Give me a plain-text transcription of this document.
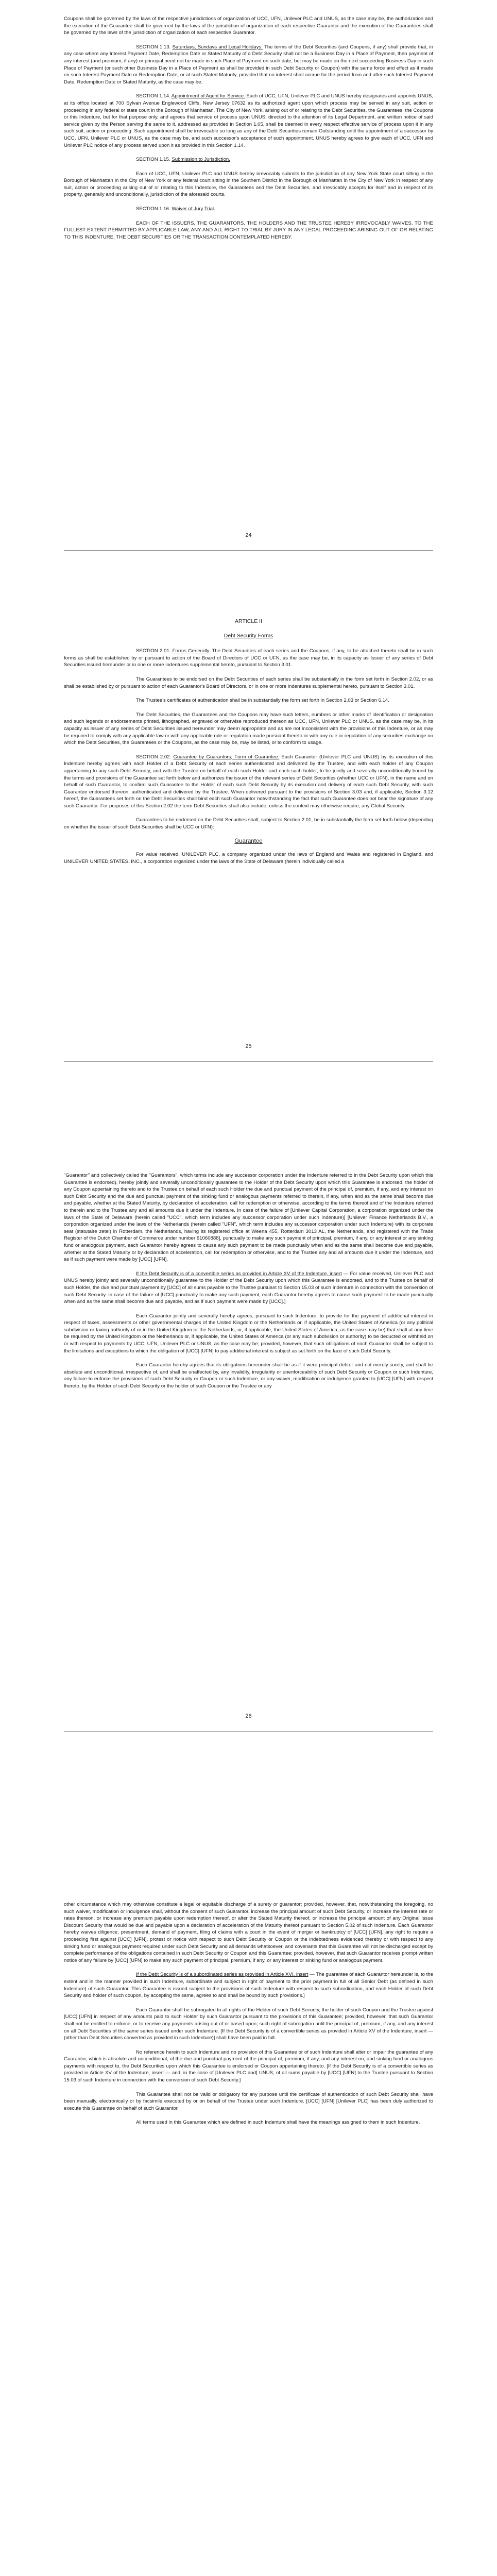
Coupons shall be governed by the laws of the respective jurisdictions of organization of UCC, UFN, Unilever PLC and UNUS, as the case may be, the authorization and the execution of the Guarantee shall be governed by the laws of the jurisdiction of organization of each respective Guarantor and the execution of the Guarantees shall be governed by the laws of the jurisdiction of organization of each respective Guarantor.

SECTION 1.13. Saturdays, Sundays and Legal Holidays. The terms of the Debt Securities (and Coupons, if any) shall provide that, in any case where any Interest Payment Date, Redemption Date or Stated Maturity of a Debt Security shall not be a Business Day in a Place of Payment, then payment of any interest (and premium, if any) or principal need not be made in such Place of Payment on such date, but may be made on the next succeeding Business Day in such Place of Payment (or such other Business Day in a Place of Payment as shall be provided in such Debt Security or Coupon) with the same force and effect as if made on such Interest Payment Date or Redemption Date, or at such Stated Maturity, provided that no interest shall accrue for the period from and after such Interest Payment Date, Redemption Date or Stated Maturity, as the case may be.

SECTION 1.14. Appointment of Agent for Service. Each of UCC, UFN, Unilever PLC and UNUS hereby designates and appoints UNUS, at its office located at 700 Sylvan Avenue Englewood Cliffs, New Jersey 07632 as its authorized agent upon which process may be served in any suit, action or proceeding in any federal or state court in the Borough of Manhattan, The City of New York, arising out of or relating to the Debt Securities, the Guarantees, the Coupons or this Indenture, but for that purpose only, and agrees that service of process upon UNUS, directed to the attention of its Legal Department, and written notice of said service given by the Person serving the same to it, addressed as provided in Section 1.05, shall be deemed in every respect effective service of process upon it in any such suit, action or proceeding. Such appointment shall be irrevocable so long as any of the Debt Securities remain Outstanding until the appointment of a successor by UCC, UFN, Unilever PLC or UNUS, as the case may be, and such successor's acceptance of such appointment. UNUS hereby agrees to give each of UCC, UFN and Unilever PLC notice of any process served upon it as provided in this Section 1.14.

SECTION 1.15. Submission to Jurisdiction.

Each of UCC, UFN, Unilever PLC and UNUS hereby irrevocably submits to the jurisdiction of any New York State court sitting in the Borough of Manhattan in the City of New York or any federal court sitting in the Southern District in the Borough of Manhattan in the City of New York in respect of any suit, action or proceeding arising out of or relating to this Indenture, the Guarantees and the Debt Securities, and irrevocably accepts for itself and in respect of its property, generally and unconditionally, jurisdiction of the aforesaid courts.

SECTION 1.16. Waiver of Jury Trial.

EACH OF THE ISSUERS, THE GUARANTORS, THE HOLDERS AND THE TRUSTEE HEREBY IRREVOCABLY WAIVES, TO THE FULLEST EXTENT PERMITTED BY APPLICABLE LAW, ANY AND ALL RIGHT TO TRIAL BY JURY IN ANY LEGAL PROCEEDING ARISING OUT OF OR RELATING TO THIS INDENTURE, THE DEBT SECURITIES OR THE TRANSACTION CONTEMPLATED HEREBY.

24

ARTICLE II

Debt Security Forms

SECTION 2.01. Forms Generally. The Debt Securities of each series and the Coupons, if any, to be attached thereto shall be in such forms as shall be established by or pursuant to action of the Board of Directors of UCC or UFN, as the case may be, in its capacity as Issuer of any series of Debt Securities issued hereunder or in one or more indentures supplemental hereto, pursuant to Section 3.01.

The Guarantees to be endorsed on the Debt Securities of each series shall be substantially in the form set forth in Section 2.02, or as shall be established by or pursuant to action of each Guarantor's Board of Directors, or in one or more indentures supplemental hereto, pursuant to Section 3.01.

The Trustee's certificates of authentication shall be in substantially the form set forth in Section 2.03 or Section 6.14.

The Debt Securities, the Guarantees and the Coupons may have such letters, numbers or other marks of identification or designation and such legends or endorsements printed, lithographed, engraved or otherwise reproduced thereon as UCC, UFN, Unilever PLC or UNUS, as the case may be, in its capacity as Issuer of any series of Debt Securities issued hereunder may deem appropriate and as are not inconsistent with the provisions of this Indenture, or as may be required to comply with any applicable law or with any applicable rule or regulation made pursuant thereto or with any rule or regulation of any securities exchange on which the Debt Securities, the Guarantees or the Coupons, as the case may be, may be listed, or to conform to usage.

SECTION 2.02. Guarantee by Guarantors; Form of Guarantee. Each Guarantor (Unilever PLC and UNUS) by its execution of this Indenture hereby agrees with each Holder of a Debt Security of each series authenticated and delivered by the Trustee, and with each holder of any Coupon appertaining to any such Debt Security, and with the Trustee on behalf of each such Holder and each such holder, to be jointly and severally unconditionally bound by the terms and provisions of the Guarantee set forth below and authorizes the issuer of the relevant series of Debt Securities (whether UCC or UFN), in the name and on behalf of such Guarantor, to confirm such Guarantee to the Holder of each such Debt Security by its execution and delivery of each such Debt Security, with such Guarantee endorsed thereon, authenticated and delivered by the Trustee. When delivered pursuant to the provisions of Section 3.03 and, if applicable, Section 3.12 hereof, the Guarantees set forth on the Debt Securities shall bind each such Guarantor notwithstanding the fact that such Guarantee does not bear the signature of any such Guarantor. For purposes of this Section 2.02 the term Debt Securities shall also include, unless the context may otherwise require, any Global Security.

Guarantees to be endorsed on the Debt Securities shall, subject to Section 2.01, be in substantially the form set forth below (depending on whether the issuer of such Debt Securities shall be UCC or UFN):

Guarantee

For value received, UNILEVER PLC, a company organized under the laws of England and Wales and registered in England, and UNILEVER UNITED STATES, INC., a corporation organized under the laws of the State of Delaware (herein individually called a

25

"Guarantor" and collectively called the "Guarantors", which terms include any successor corporation under the Indenture referred to in the Debt Security upon which this Guarantee is endorsed), hereby jointly and severally unconditionally guarantee to the Holder of the Debt Security upon which this Guarantee is endorsed, the holder of any Coupon appertaining thereto and to the Trustee on behalf of each such Holder the due and punctual payment of the principal of, premium, if any, and any interest on such Debt Security and the due and punctual payment of the sinking fund or analogous payments referred to therein, if any, when and as the same shall become due and payable, whether at the Stated Maturity, by declaration of acceleration, call for redemption or otherwise, according to the terms thereof and of the Indenture referred to therein and to the Trustee any and all amounts due it under the Indenture. In case of the failure of [Unilever Capital Corporation, a corporation organized under the laws of the State of Delaware (herein called "UCC", which term includes any successor corporation under such Indenture)] [Unilever Finance Netherlands B.V., a corporation organized under the laws of the Netherlands (herein called "UFN", which term includes any successor corporation under such Indenture) with its corporate seat (statutaire zetel) in Rotterdam, the Netherlands, having its registered office at Weena 455, Rotterdam 3013 AL, the Netherlands, and registered with the Trade Register of the Dutch Chamber of Commerce under number 61060888], punctually to make any such payment of principal, premium, if any, or any interest or any sinking fund or analogous payment, each Guarantor hereby agrees to cause any such payment to be made punctually when and as the same shall become due and payable, whether at the Stated Maturity or by declaration of acceleration, call for redemption or otherwise, and to the Trustee any and all amounts due it under the Indenture, and as if such payment were made by [UCC] [UFN].

If the Debt Security is of a convertible series as provided in Article XV of the Indenture, insert — For value received, Unilever PLC and UNUS hereby jointly and severally unconditionally guarantee to the Holder of the Debt Security upon which this Guarantee is endorsed, and to the Trustee on behalf of such Holder, the due and punctual payment by [UCC] of all sums payable to the Trustee pursuant to Section 15.03 of such Indenture in connection with the conversion of such Debt Security. In case of the failure of [UCC] punctually to make any such payment, each Guarantor hereby agrees to cause such payment to be made punctually when and as the same shall become due and payable, and as if such payment were made by [UCC].]

Each Guarantor jointly and severally hereby agrees, pursuant to such Indenture, to provide for the payment of additional interest in respect of taxes, assessments or other governmental charges of the United Kingdom or the Netherlands or, if applicable, the United States of America (or any political subdivision or taxing authority of or in the United Kingdom or the Netherlands, or, if applicable, the United States of America, as the case may be) that shall at any time be required by the United Kingdom or the Netherlands or, if applicable, the United States of America (or any such subdivision or authority) to be deducted or withheld on or with respect to payments by UCC, UFN, Unilever PLC or UNUS, as the case may be; provided, however, that such obligations of each Guarantor shall be subject to the limitations and exceptions to which the obligation of [UCC] [UFN] to pay additional interest is subject as set forth on the face of such Debt Security.

Each Guarantor hereby agrees that its obligations hereunder shall be as if it were principal debtor and not merely surety, and shall be absolute and unconditional, irrespective of, and shall be unaffected by, any invalidity, irregularity or unenforceability of such Debt Security or Coupon or such Indenture, any failure to enforce the provisions of such Debt Security or Coupon or such Indenture, or any waiver, modification or indulgence granted to [UCC] [UFN] with respect thereto, by the Holder of such Debt Security or the holder of such Coupon or the Trustee or any

26

other circumstance which may otherwise constitute a legal or equitable discharge of a surety or guarantor; provided, however, that, notwithstanding the foregoing, no such waiver, modification or indulgence shall, without the consent of such Guarantor, increase the principal amount of such Debt Security, or increase the interest rate or rates thereon, or increase any premium payable upon redemption thereof, or alter the Stated Maturity thereof, or increase the principal amount of any Original Issue Discount Security that would be due and payable upon a declaration of acceleration of the Maturity thereof pursuant to Section 5.02 of such Indenture. Each Guarantor hereby waives diligence, presentment, demand of payment, filing of claims with a court in the event of merger or bankruptcy of [UCC] [UFN], any right to require a proceeding first against [UCC] [UFN], protest or notice with respect to such Debt Security or Coupon or the indebtedness evidenced thereby or with respect to any sinking fund or analogous payment required under such Debt Security and all demands whatsoever, and covenants that this Guarantee will not be discharged except by complete performance of the obligations contained in such Debt Security or Coupon and this Guarantee; provided, however, that such Guarantor receives prompt written notice of any failure by [UCC] [UFN] to make any such payment of principal, premium, if any, or any interest or sinking fund or analogous payment.

If the Debt Security is of a subordinated series as provided in Article XVI, insert — The guarantee of each Guarantor hereunder is, to the extent and in the manner provided in such Indenture, subordinate and subject in right of payment to the prior payment in full of all Senior Debt (as defined in such Indenture) of such Guarantor. This Guarantee is issued subject to the provisions of such Indenture with respect to such subordination, and each Holder of such Debt Security and holder of such coupon, by accepting the same, agrees to and shall be bound by such provisions.]

Each Guarantor shall be subrogated to all rights of the Holder of such Debt Security, the holder of such Coupon and the Trustee against [UCC] [UFN] in respect of any amounts paid to such Holder by such Guarantor pursuant to the provisions of this Guarantee; provided, however, that such Guarantor shall not be entitled to enforce, or to receive any payments arising out of or based upon, such right of subrogation until the principal of, premium, if any, and any interest on all Debt Securities of the same series issued under such Indenture. [If the Debt Security is of a convertible series as provided in Article XV of the Indenture, insert — (other than Debt Securities converted as provided in such Indenture)] shall have been paid in full.

No reference herein to such Indenture and no provision of this Guarantee or of such Indenture shall alter or impair the guarantee of any Guarantor, which is absolute and unconditional, of the due and punctual payment of the principal of, premium, if any, and any interest on, and sinking fund or analogous payments with respect to, the Debt Securities upon which this Guarantee is endorsed or Coupon appertaining thereto. [If the Debt Security is of a convertible series as provided in Article XV of the Indenture, insert — and, in the case of [Unilever PLC and] UNUS, of all sums payable by [UCC] [UFN] to the Trustee pursuant to Section 15.03 of such Indenture in connection with the conversion of such Debt Security.]

This Guarantee shall not be valid or obligatory for any purpose until the certificate of authentication of such Debt Security shall have been manually, electronically or by facsimile executed by or on behalf of the Trustee under such Indenture. [UCC] [UFN] [Unilever PLC] has been duly authorized to execute this Guarantee on behalf of such Guarantor.

All terms used in this Guarantee which are defined in such Indenture shall have the meanings assigned to them in such Indenture.
